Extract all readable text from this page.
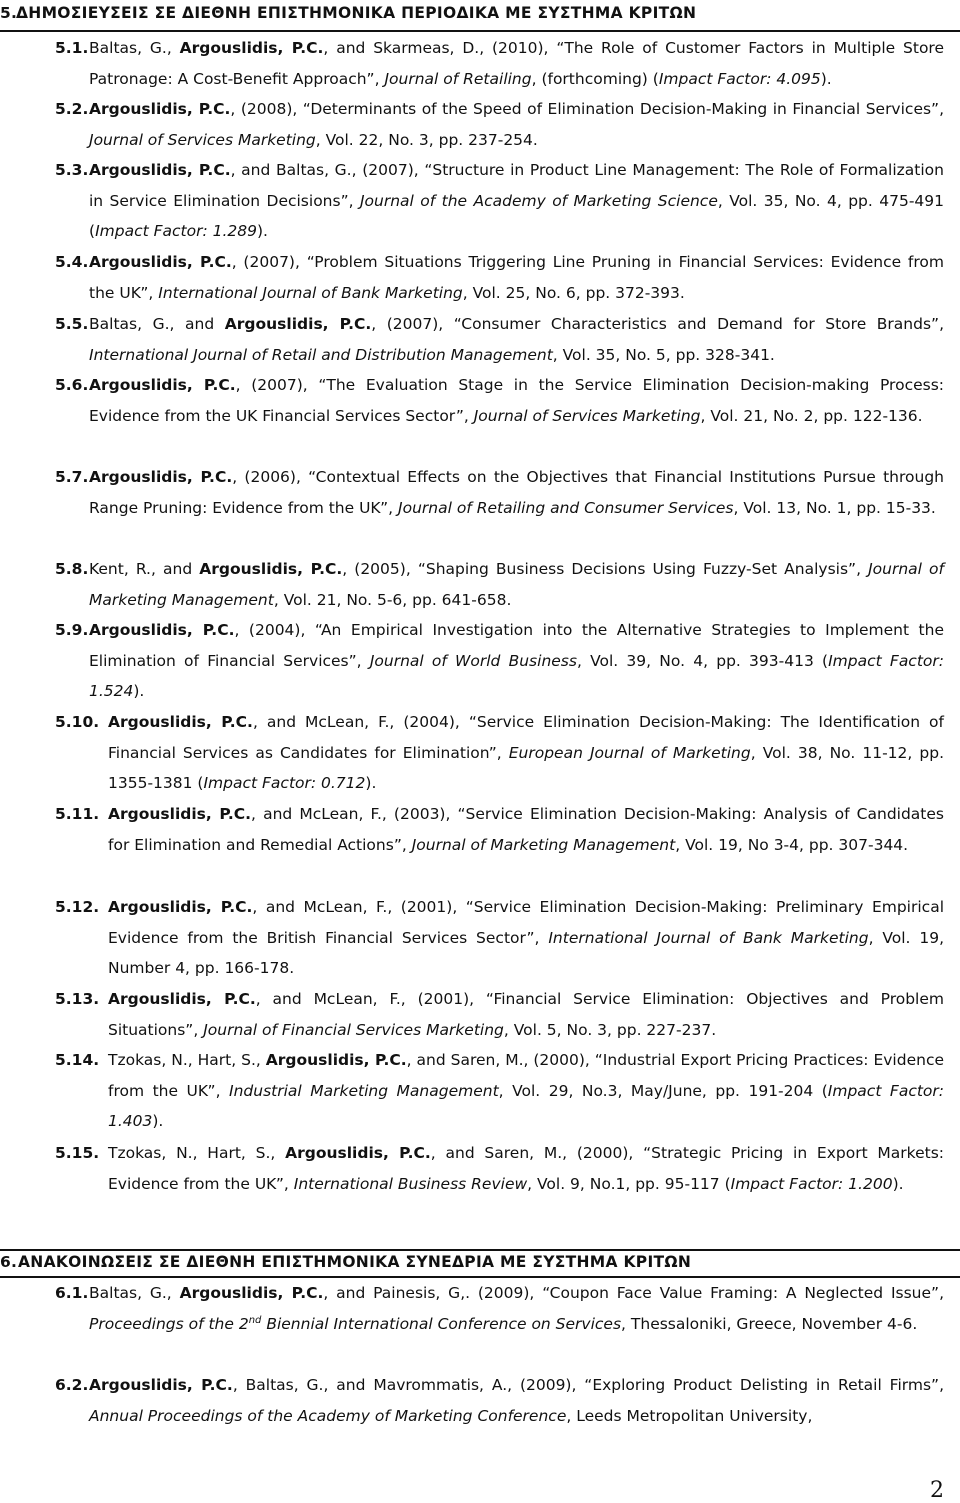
5.
ΔΗΜΟΣΙΕΥΣΕΙΣ ΣΕ ΔΙΕΘΝΗ ΕΠΙΣΤΗΜΟΝΙΚΑ ΠΕΡΙΟΔΙΚΑ ΜΕ ΣΥΣΤΗΜΑ ΚΡΙΤΩΝ
5.1. Baltas, G., Argouslidis, P.C., and Skarmeas, D., (2010), “The Role of Customer Factors in Multiple Store Patronage: A Cost-Benefit Approach”, Journal of Retailing, (forthcoming) (Impact Factor: 4.095).
5.2. Argouslidis, P.C., (2008), “Determinants of the Speed of Elimination Decision-Making in Financial Services”, Journal of Services Marketing, Vol. 22, No. 3, pp. 237-254.
5.3. Argouslidis, P.C., and Baltas, G., (2007), “Structure in Product Line Management: The Role of Formalization in Service Elimination Decisions”, Journal of the Academy of Marketing Science, Vol. 35, No. 4, pp. 475-491 (Impact Factor: 1.289).
5.4. Argouslidis, P.C., (2007), “Problem Situations Triggering Line Pruning in Financial Services: Evidence from the UK”, International Journal of Bank Marketing, Vol. 25, No. 6, pp. 372-393.
5.5. Baltas, G., and Argouslidis, P.C., (2007), “Consumer Characteristics and Demand for Store Brands”, International Journal of Retail and Distribution Management, Vol. 35, No. 5, pp. 328-341.
5.6. Argouslidis, P.C., (2007), “The Evaluation Stage in the Service Elimination Decision-making Process: Evidence from the UK Financial Services Sector”, Journal of Services Marketing, Vol. 21, No. 2, pp. 122-136.
5.7. Argouslidis, P.C., (2006), “Contextual Effects on the Objectives that Financial Institutions Pursue through Range Pruning: Evidence from the UK”, Journal of Retailing and Consumer Services, Vol. 13, No. 1, pp. 15-33.
5.8. Kent, R., and Argouslidis, P.C., (2005), “Shaping Business Decisions Using Fuzzy-Set Analysis”, Journal of Marketing Management, Vol. 21, No. 5-6, pp. 641-658.
5.9. Argouslidis, P.C., (2004), “An Empirical Investigation into the Alternative Strategies to Implement the Elimination of Financial Services”, Journal of World Business, Vol. 39, No. 4, pp. 393-413 (Impact Factor: 1.524).
5.10. Argouslidis, P.C., and McLean, F., (2004), “Service Elimination Decision-Making: The Identification of Financial Services as Candidates for Elimination”, European Journal of Marketing, Vol. 38, No. 11-12, pp. 1355-1381 (Impact Factor: 0.712).
5.11. Argouslidis, P.C., and McLean, F., (2003), “Service Elimination Decision-Making: Analysis of Candidates for Elimination and Remedial Actions”, Journal of Marketing Management, Vol. 19, No 3-4, pp. 307-344.
5.12. Argouslidis, P.C., and McLean, F., (2001), “Service Elimination Decision-Making: Preliminary Empirical Evidence from the British Financial Services Sector”, International Journal of Bank Marketing, Vol. 19, Number 4, pp. 166-178.
5.13. Argouslidis, P.C., and McLean, F., (2001), “Financial Service Elimination: Objectives and Problem Situations”, Journal of Financial Services Marketing, Vol. 5, No. 3, pp. 227-237.
5.14. Tzokas, N., Hart, S., Argouslidis, P.C., and Saren, M., (2000), “Industrial Export Pricing Practices: Evidence from the UK”, Industrial Marketing Management, Vol. 29, No.3, May/June, pp. 191-204 (Impact Factor: 1.403).
5.15. Tzokas, N., Hart, S., Argouslidis, P.C., and Saren, M., (2000), “Strategic Pricing in Export Markets: Evidence from the UK”, International Business Review, Vol. 9, No.1, pp. 95-117 (Impact Factor: 1.200).
6. ΑΝΑΚΟΙΝΩΣΕΙΣ ΣΕ ΔΙΕΘΝΗ ΕΠΙΣΤΗΜΟΝΙΚΑ ΣΥΝΕΔΡΙΑ ΜΕ ΣΥΣΤΗΜΑ ΚΡΙΤΩΝ
6.1. Baltas, G., Argouslidis, P.C., and Painesis, G,. (2009), “Coupon Face Value Framing: A Neglected Issue”, Proceedings of the 2nd Biennial International Conference on Services, Thessaloniki, Greece, November 4-6.
6.2. Argouslidis, P.C., Baltas, G., and Mavrommatis, A., (2009), “Exploring Product Delisting in Retail Firms”, Annual Proceedings of the Academy of Marketing Conference, Leeds Metropolitan University,
2
